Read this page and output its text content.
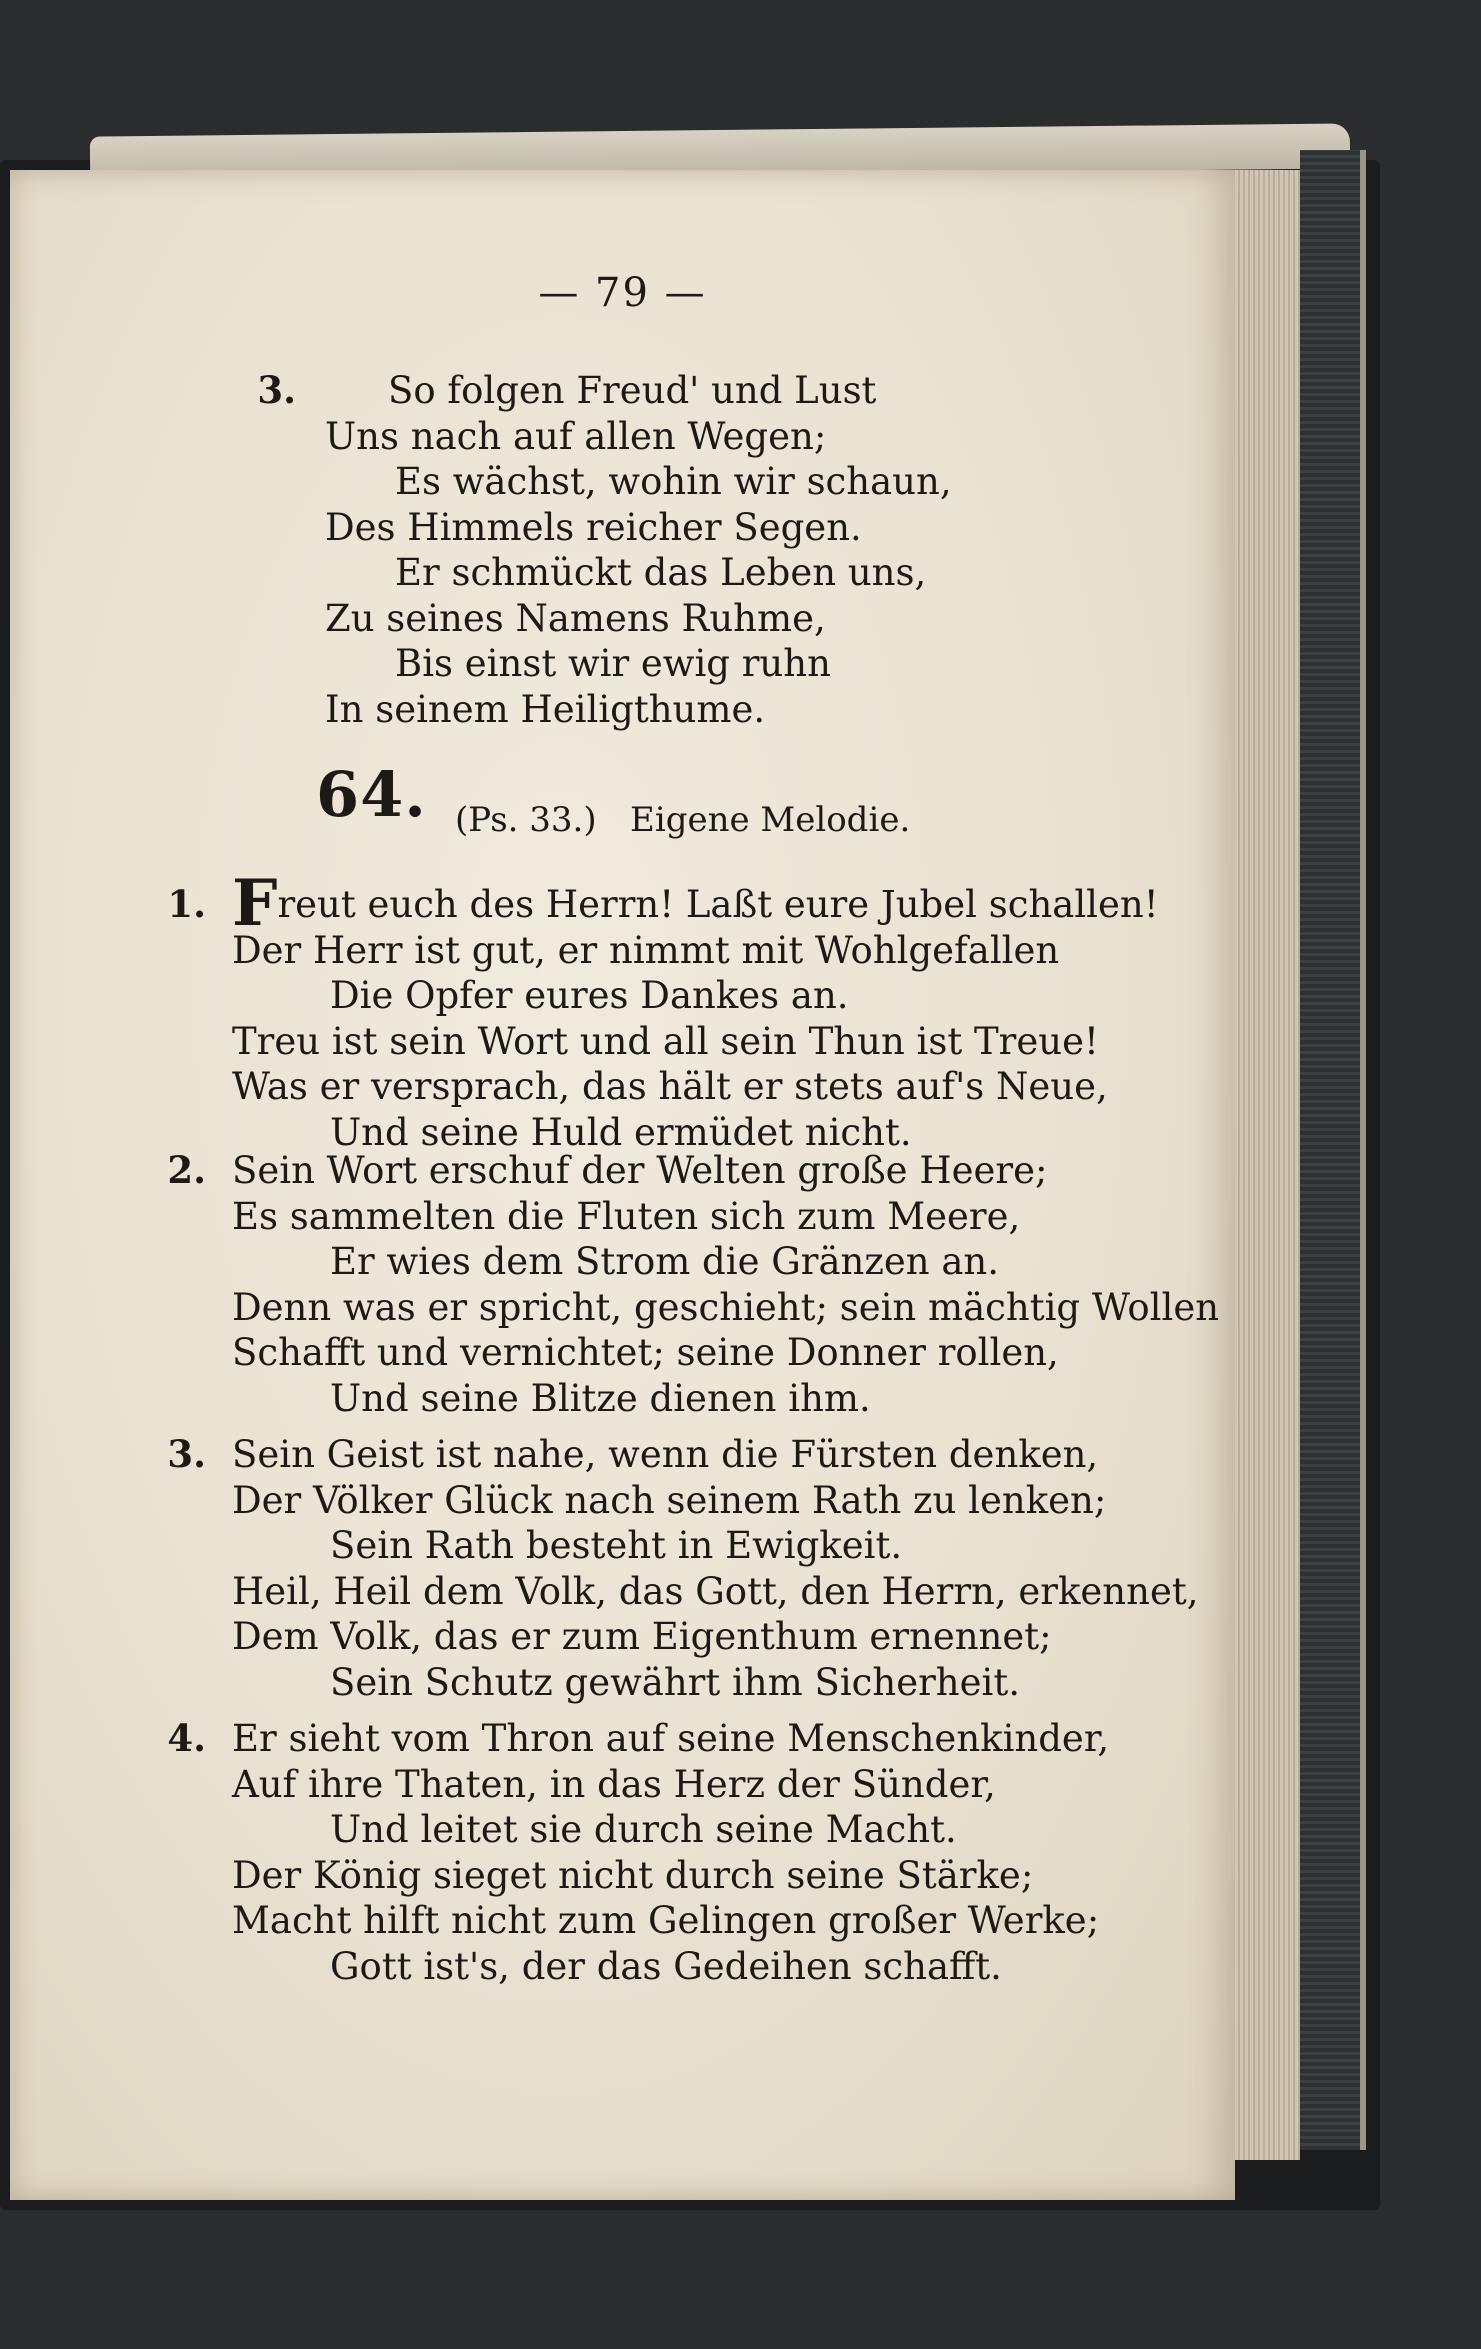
— 79 —
3.	So folgen Freud' und Lust
Uns nach auf allen Wegen;
Es wächst, wohin wir schaun,
Des Himmels reicher Segen.
Er schmückt das Leben uns,
Zu seines Namens Ruhme,
Bis einst wir ewig ruhn
In seinem Heiligthume.
64. (Ps. 33.) Eigene Melodie.
1. Freut euch des Herrn! Laßt eure Jubel schallen!
Der Herr ist gut, er nimmt mit Wohlgefallen
Die Opfer eures Dankes an.
Treu ist sein Wort und all sein Thun ist Treue!
Was er versprach, das hält er stets auf's Neue,
Und seine Huld ermüdet nicht.
2. Sein Wort erschuf der Welten große Heere;
Es sammelten die Fluten sich zum Meere,
Er wies dem Strom die Gränzen an.
Denn was er spricht, geschieht; sein mächtig Wollen
Schafft und vernichtet; seine Donner rollen,
Und seine Blitze dienen ihm.
3. Sein Geist ist nahe, wenn die Fürsten denken,
Der Völker Glück nach seinem Rath zu lenken;
Sein Rath besteht in Ewigkeit.
Heil, Heil dem Volk, das Gott, den Herrn, erkennet,
Dem Volk, das er zum Eigenthum ernennet;
Sein Schutz gewährt ihm Sicherheit.
4. Er sieht vom Thron auf seine Menschenkinder,
Auf ihre Thaten, in das Herz der Sünder,
Und leitet sie durch seine Macht.
Der König sieget nicht durch seine Stärke;
Macht hilft nicht zum Gelingen großer Werke;
Gott ist's, der das Gedeihen schafft.
